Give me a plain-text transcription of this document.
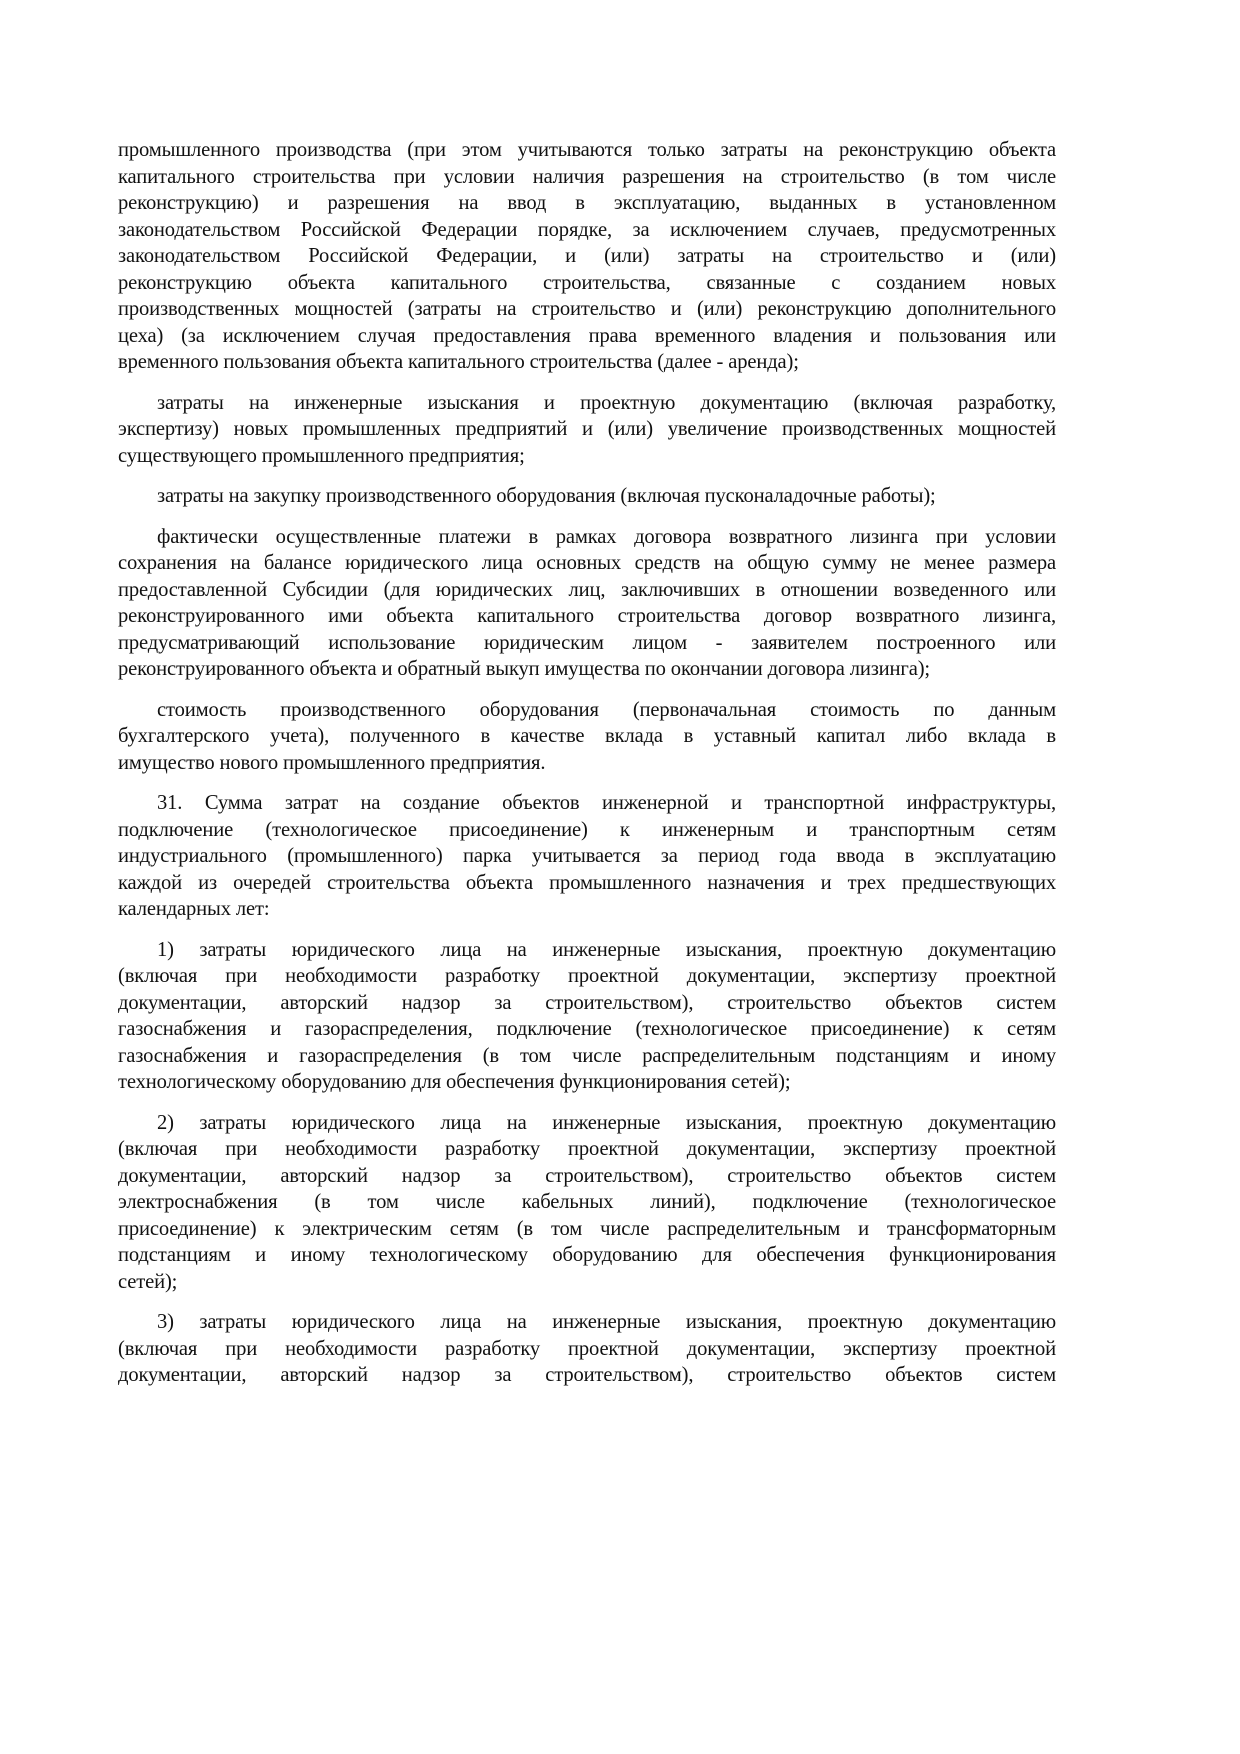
промышленного производства (при этом учитываются только затраты на реконструкцию объекта
капитального строительства при условии наличия разрешения на строительство (в том числе
реконструкцию) и разрешения на ввод в эксплуатацию, выданных в установленном
законодательством Российской Федерации порядке, за исключением случаев, предусмотренных
законодательством Российской Федерации, и (или) затраты на строительство и (или)
реконструкцию объекта капитального строительства, связанные с созданием новых
производственных мощностей (затраты на строительство и (или) реконструкцию дополнительного
цеха) (за исключением случая предоставления права временного владения и пользования или
временного пользования объекта капитального строительства (далее - аренда);
затраты на инженерные изыскания и проектную документацию (включая разработку,
экспертизу) новых промышленных предприятий и (или) увеличение производственных мощностей
существующего промышленного предприятия;
затраты на закупку производственного оборудования (включая пусконаладочные работы);
фактически осуществленные платежи в рамках договора возвратного лизинга при условии
сохранения на балансе юридического лица основных средств на общую сумму не менее размера
предоставленной Субсидии (для юридических лиц, заключивших в отношении возведенного или
реконструированного ими объекта капитального строительства договор возвратного лизинга,
предусматривающий использование юридическим лицом - заявителем построенного или
реконструированного объекта и обратный выкуп имущества по окончании договора лизинга);
стоимость производственного оборудования (первоначальная стоимость по данным
бухгалтерского учета), полученного в качестве вклада в уставный капитал либо вклада в
имущество нового промышленного предприятия.
31. Сумма затрат на создание объектов инженерной и транспортной инфраструктуры,
подключение (технологическое присоединение) к инженерным и транспортным сетям
индустриального (промышленного) парка учитывается за период года ввода в эксплуатацию
каждой из очередей строительства объекта промышленного назначения и трех предшествующих
календарных лет:
1) затраты юридического лица на инженерные изыскания, проектную документацию
(включая при необходимости разработку проектной документации, экспертизу проектной
документации, авторский надзор за строительством), строительство объектов систем
газоснабжения и газораспределения, подключение (технологическое присоединение) к сетям
газоснабжения и газораспределения (в том числе распределительным подстанциям и иному
технологическому оборудованию для обеспечения функционирования сетей);
2) затраты юридического лица на инженерные изыскания, проектную документацию
(включая при необходимости разработку проектной документации, экспертизу проектной
документации, авторский надзор за строительством), строительство объектов систем
электроснабжения (в том числе кабельных линий), подключение (технологическое
присоединение) к электрическим сетям (в том числе распределительным и трансформаторным
подстанциям и иному технологическому оборудованию для обеспечения функционирования
сетей);
3) затраты юридического лица на инженерные изыскания, проектную документацию
(включая при необходимости разработку проектной документации, экспертизу проектной
документации, авторский надзор за строительством), строительство объектов систем
